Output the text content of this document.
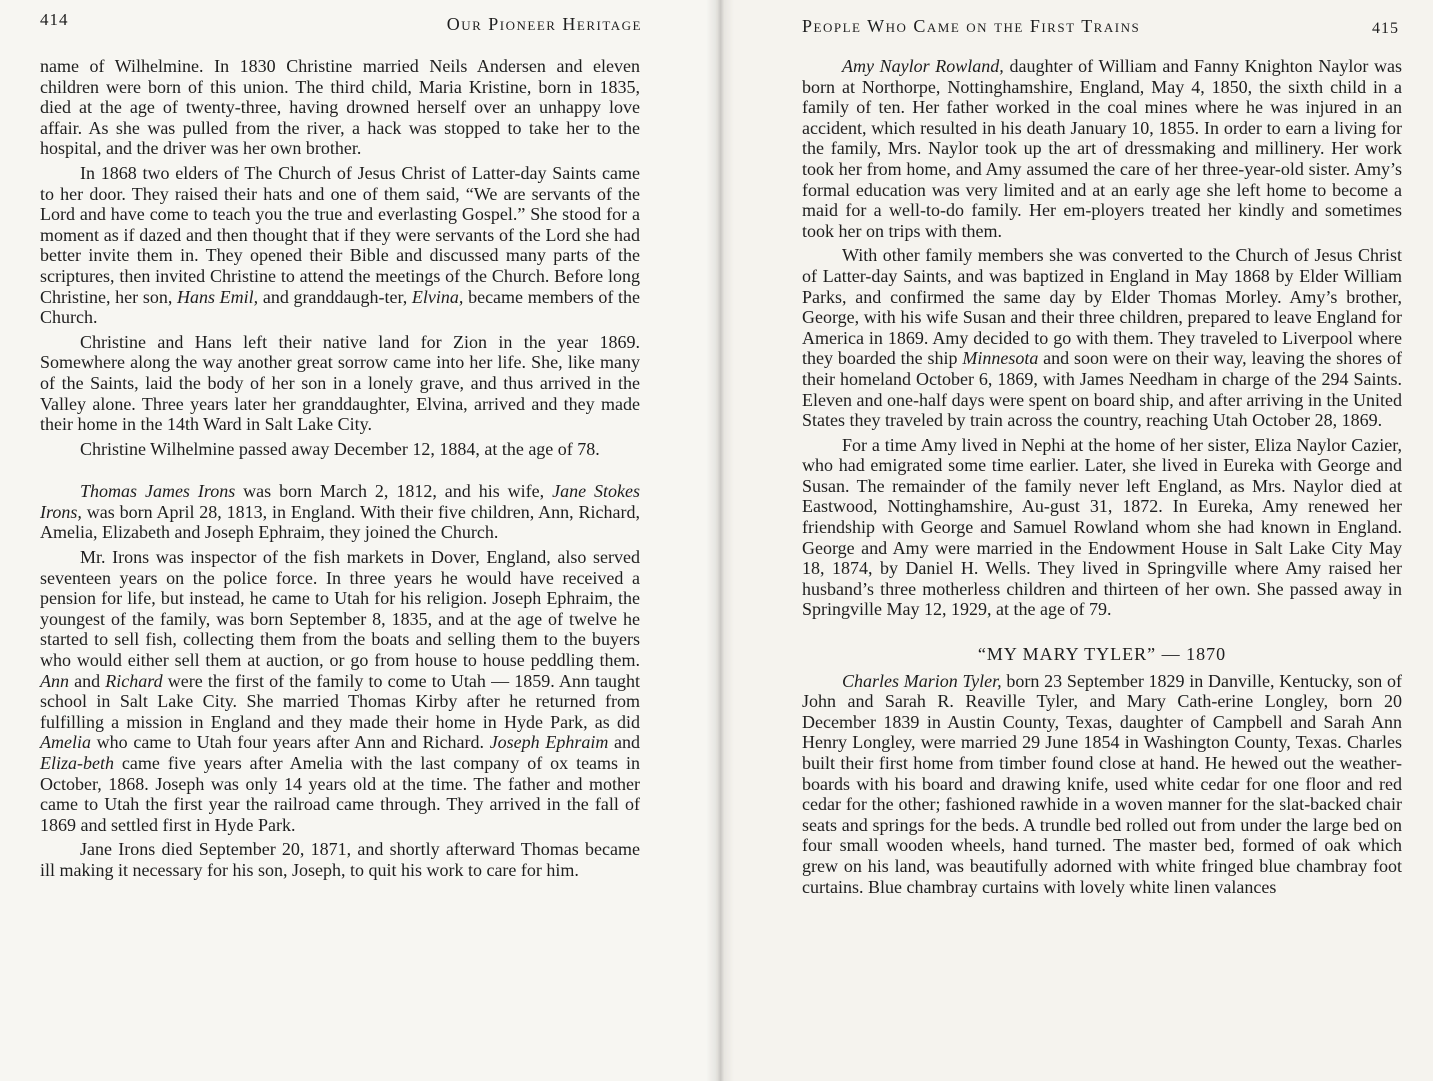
414	Our Pioneer Heritage

name of Wilhelmine. In 1830 Christine married Neils Andersen and eleven children were born of this union. The third child, Maria Kristine, born in 1835, died at the age of twenty-three, having drowned herself over an unhappy love affair. As she was pulled from the river, a hack was stopped to take her to the hospital, and the driver was her own brother.

In 1868 two elders of The Church of Jesus Christ of Latter-day Saints came to her door. They raised their hats and one of them said, “We are servants of the Lord and have come to teach you the true and everlasting Gospel.” She stood for a moment as if dazed and then thought that if they were servants of the Lord she had better invite them in. They opened their Bible and discussed many parts of the scriptures, then invited Christine to attend the meetings of the Church. Before long Christine, her son, Hans Emil, and granddaugh-ter, Elvina, became members of the Church.

Christine and Hans left their native land for Zion in the year 1869. Somewhere along the way another great sorrow came into her life. She, like many of the Saints, laid the body of her son in a lonely grave, and thus arrived in the Valley alone. Three years later her granddaughter, Elvina, arrived and they made their home in the 14th Ward in Salt Lake City.

Christine Wilhelmine passed away December 12, 1884, at the age of 78.

Thomas James Irons was born March 2, 1812, and his wife, Jane Stokes Irons, was born April 28, 1813, in England. With their five children, Ann, Richard, Amelia, Elizabeth and Joseph Ephraim, they joined the Church.

Mr. Irons was inspector of the fish markets in Dover, England, also served seventeen years on the police force. In three years he would have received a pension for life, but instead, he came to Utah for his religion. Joseph Ephraim, the youngest of the family, was born September 8, 1835, and at the age of twelve he started to sell fish, collecting them from the boats and selling them to the buyers who would either sell them at auction, or go from house to house peddling them. Ann and Richard were the first of the family to come to Utah — 1859. Ann taught school in Salt Lake City. She married Thomas Kirby after he returned from fulfilling a mission in England and they made their home in Hyde Park, as did Amelia who came to Utah four years after Ann and Richard. Joseph Ephraim and Eliza-beth came five years after Amelia with the last company of ox teams in October, 1868. Joseph was only 14 years old at the time. The father and mother came to Utah the first year the railroad came through. They arrived in the fall of 1869 and settled first in Hyde Park.

Jane Irons died September 20, 1871, and shortly afterward Thomas became ill making it necessary for his son, Joseph, to quit his work to care for him.

People Who Came on the First Trains	415

Amy Naylor Rowland, daughter of William and Fanny Knighton Naylor was born at Northorpe, Nottinghamshire, England, May 4, 1850, the sixth child in a family of ten. Her father worked in the coal mines where he was injured in an accident, which resulted in his death January 10, 1855. In order to earn a living for the family, Mrs. Naylor took up the art of dressmaking and millinery. Her work took her from home, and Amy assumed the care of her three-year-old sister. Amy’s formal education was very limited and at an early age she left home to become a maid for a well-to-do family. Her em-ployers treated her kindly and sometimes took her on trips with them.

With other family members she was converted to the Church of Jesus Christ of Latter-day Saints, and was baptized in England in May 1868 by Elder William Parks, and confirmed the same day by Elder Thomas Morley. Amy’s brother, George, with his wife Susan and their three children, prepared to leave England for America in 1869. Amy decided to go with them. They traveled to Liverpool where they boarded the ship Minnesota and soon were on their way, leaving the shores of their homeland October 6, 1869, with James Needham in charge of the 294 Saints. Eleven and one-half days were spent on board ship, and after arriving in the United States they traveled by train across the country, reaching Utah October 28, 1869.

For a time Amy lived in Nephi at the home of her sister, Eliza Naylor Cazier, who had emigrated some time earlier. Later, she lived in Eureka with George and Susan. The remainder of the family never left England, as Mrs. Naylor died at Eastwood, Nottinghamshire, Au-gust 31, 1872. In Eureka, Amy renewed her friendship with George and Samuel Rowland whom she had known in England. George and Amy were married in the Endowment House in Salt Lake City May 18, 1874, by Daniel H. Wells. They lived in Springville where Amy raised her husband’s three motherless children and thirteen of her own. She passed away in Springville May 12, 1929, at the age of 79.

“MY MARY TYLER” — 1870

Charles Marion Tyler, born 23 September 1829 in Danville, Kentucky, son of John and Sarah R. Reaville Tyler, and Mary Cath-erine Longley, born 20 December 1839 in Austin County, Texas, daughter of Campbell and Sarah Ann Henry Longley, were married 29 June 1854 in Washington County, Texas. Charles built their first home from timber found close at hand. He hewed out the weather-boards with his board and drawing knife, used white cedar for one floor and red cedar for the other; fashioned rawhide in a woven manner for the slat-backed chair seats and springs for the beds. A trundle bed rolled out from under the large bed on four small wooden wheels, hand turned. The master bed, formed of oak which grew on his land, was beautifully adorned with white fringed blue chambray foot curtains. Blue chambray curtains with lovely white linen valances
